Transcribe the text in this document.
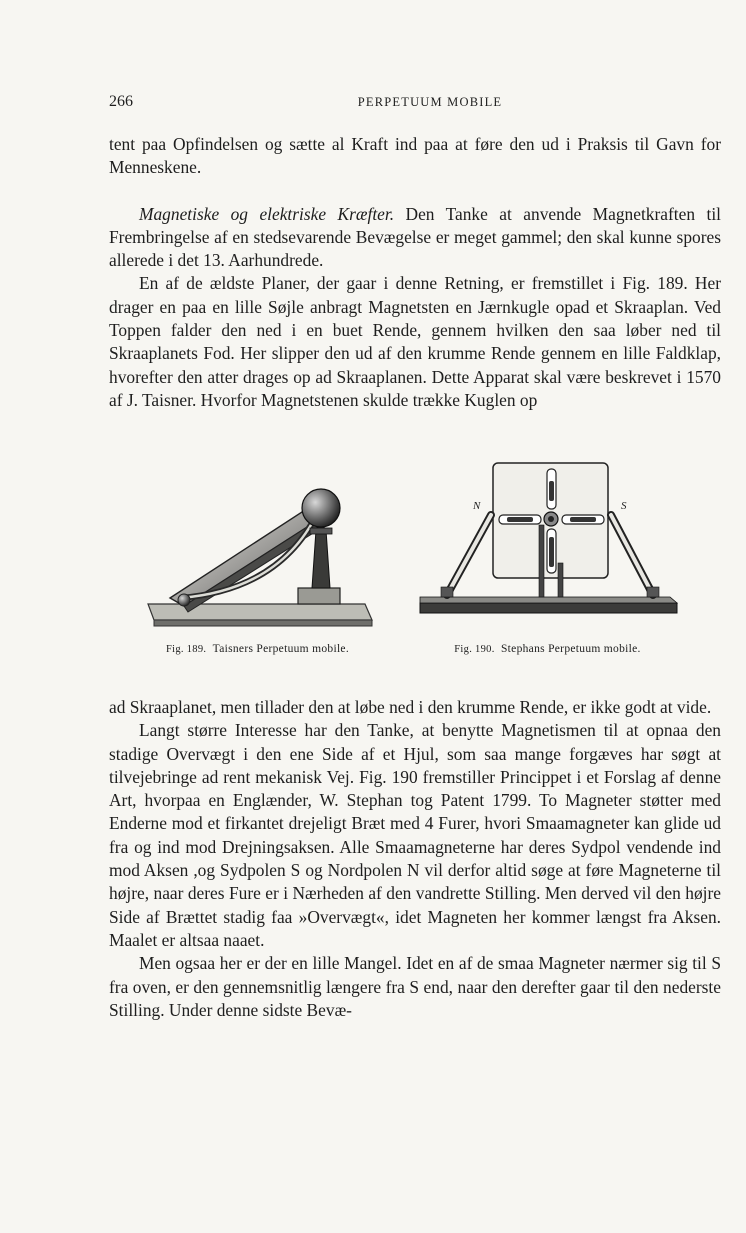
266	PERPETUUM MOBILE

tent paa Opfindelsen og sætte al Kraft ind paa at føre den ud i Praksis til Gavn for Menneskene.

Magnetiske og elektriske Kræfter. Den Tanke at anvende Magnetkraften til Frembringelse af en stedsevarende Bevægelse er meget gammel; den skal kunne spores allerede i det 13. Aarhundrede.

En af de ældste Planer, der gaar i denne Retning, er fremstillet i Fig. 189. Her drager en paa en lille Søjle anbragt Magnetsten en Jærnkugle opad et Skraaplan. Ved Toppen falder den ned i en buet Rende, gennem hvilken den saa løber ned til Skraaplanets Fod. Her slipper den ud af den krumme Rende gennem en lille Faldklap, hvorefter den atter drages op ad Skraaplanen. Dette Apparat skal være beskrevet i 1570 af J. Taisner. Hvorfor Magnetstenen skulde trække Kuglen op

N	S
Fig. 189. Taisners Perpetuum mobile.	Fig. 190. Stephans Perpetuum mobile.

ad Skraaplanet, men tillader den at løbe ned i den krumme Rende, er ikke godt at vide.

Langt større Interesse har den Tanke, at benytte Magnetismen til at opnaa den stadige Overvægt i den ene Side af et Hjul, som saa mange forgæves har søgt at tilvejebringe ad rent mekanisk Vej. Fig. 190 fremstiller Princippet i et Forslag af denne Art, hvorpaa en Englænder, W. Stephan tog Patent 1799. To Magneter støtter med Enderne mod et firkantet drejeligt Bræt med 4 Furer, hvori Smaamagneter kan glide ud fra og ind mod Drejningsaksen. Alle Smaamagneterne har deres Sydpol vendende ind mod Aksen ,og Sydpolen S og Nordpolen N vil derfor altid søge at føre Magneterne til højre, naar deres Fure er i Nærheden af den vandrette Stilling. Men derved vil den højre Side af Brættet stadig faa »Overvægt«, idet Magneten her kommer længst fra Aksen. Maalet er altsaa naaet.

Men ogsaa her er der en lille Mangel. Idet en af de smaa Magneter nærmer sig til S fra oven, er den gennemsnitlig længere fra S end, naar den derefter gaar til den nederste Stilling. Under denne sidste Bevæ-
